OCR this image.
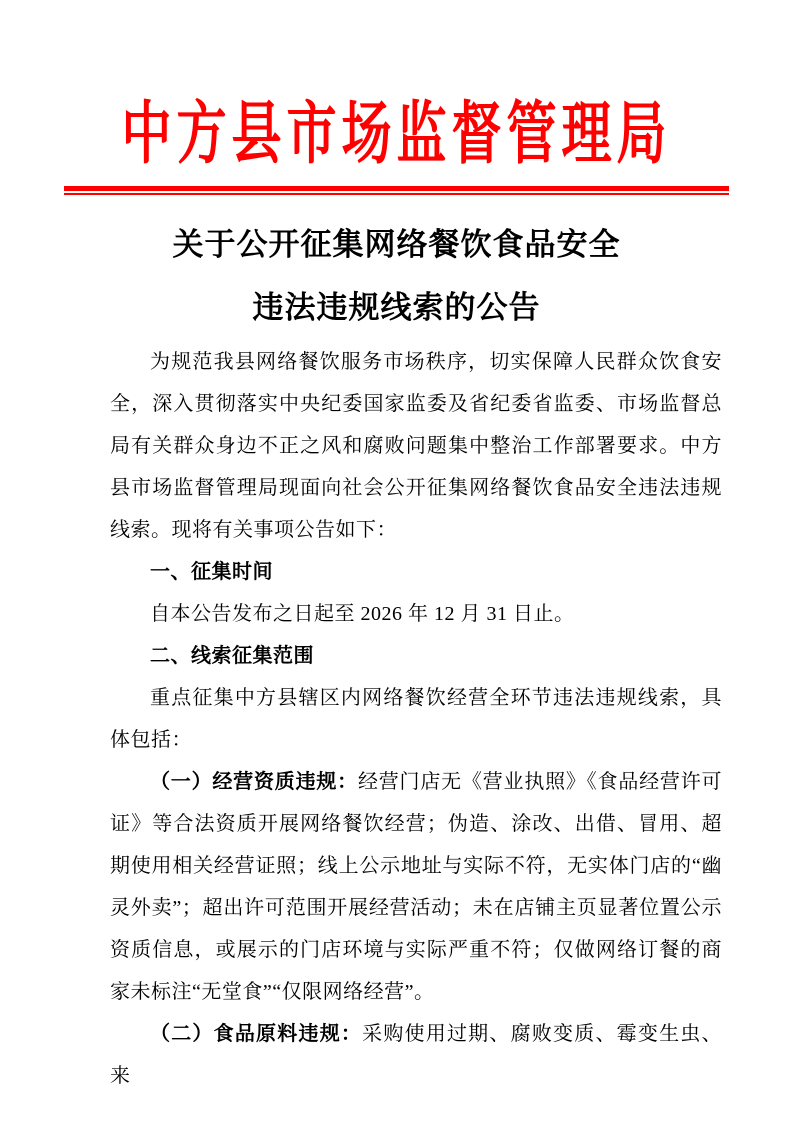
中方县市场监督管理局
关于公开征集网络餐饮食品安全
违法违规线索的公告

为规范我县网络餐饮服务市场秩序，切实保障人民群众饮食安全，深入贯彻落实中央纪委国家监委及省纪委省监委、市场监督总局有关群众身边不正之风和腐败问题集中整治工作部署要求。中方县市场监督管理局现面向社会公开征集网络餐饮食品安全违法违规线索。现将有关事项公告如下：

一、征集时间

自本公告发布之日起至 2026 年 12 月 31 日止。

二、线索征集范围

重点征集中方县辖区内网络餐饮经营全环节违法违规线索，具体包括：

（一）经营资质违规：经营门店无《营业执照》《食品经营许可证》等合法资质开展网络餐饮经营；伪造、涂改、出借、冒用、超期使用相关经营证照；线上公示地址与实际不符，无实体门店的“幽灵外卖”；超出许可范围开展经营活动；未在店铺主页显著位置公示资质信息，或展示的门店环境与实际严重不符；仅做网络订餐的商家未标注“无堂食”“仅限网络经营”。

（二）食品原料违规：采购使用过期、腐败变质、霉变生虫、来
